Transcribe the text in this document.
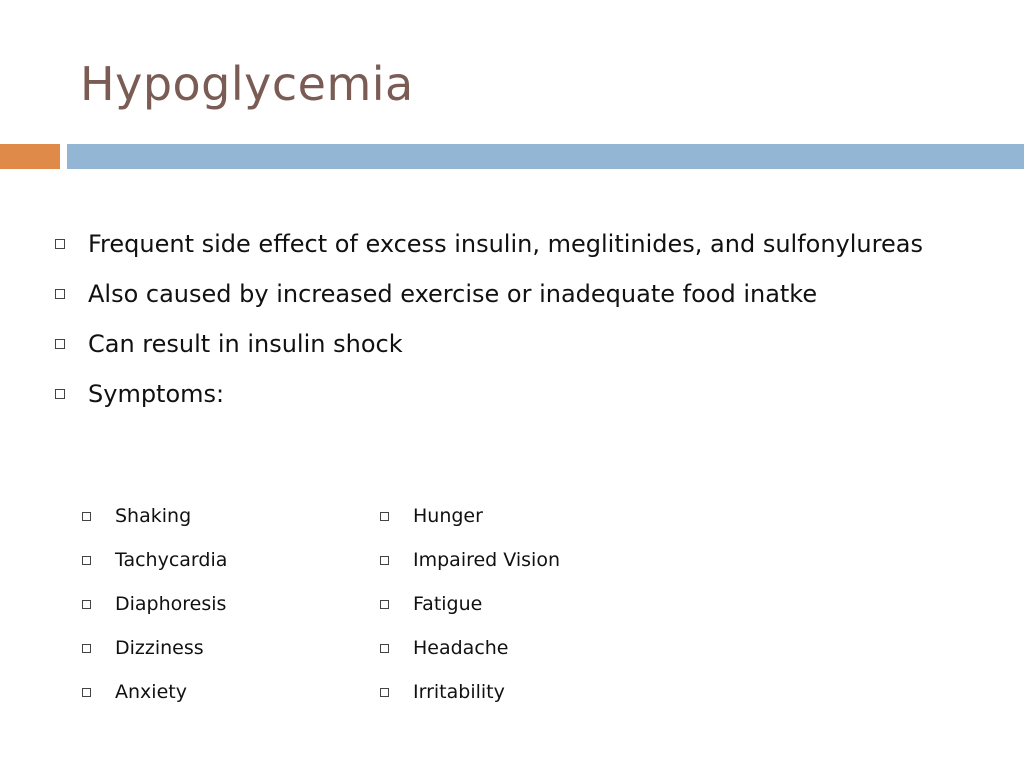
Hypoglycemia
Frequent side effect of excess insulin, meglitinides, and sulfonylureas
Also caused by increased exercise or inadequate food inatke
Can result in insulin shock
Symptoms:
Shaking
Tachycardia
Diaphoresis
Dizziness
Anxiety
Hunger
Impaired Vision
Fatigue
Headache
Irritability
